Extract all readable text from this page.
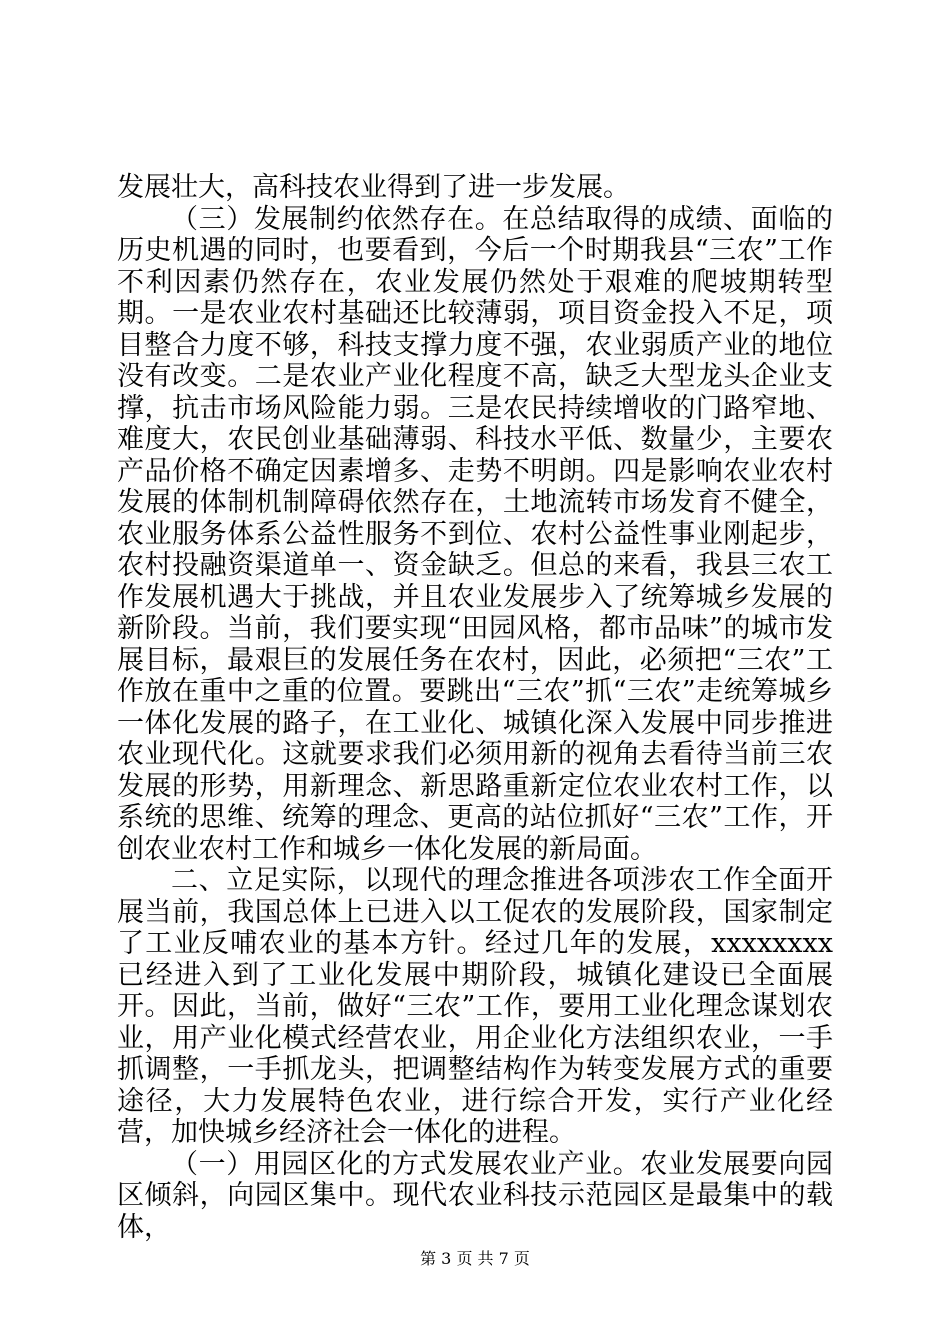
发展壮大，高科技农业得到了进一步发展。

（三）发展制约依然存在。在总结取得的成绩、面临的历史机遇的同时，也要看到，今后一个时期我县“三农”工作不利因素仍然存在，农业发展仍然处于艰难的爬坡期转型期。一是农业农村基础还比较薄弱，项目资金投入不足，项目整合力度不够，科技支撑力度不强，农业弱质产业的地位没有改变。二是农业产业化程度不高，缺乏大型龙头企业支撑，抗击市场风险能力弱。三是农民持续增收的门路窄地、难度大，农民创业基础薄弱、科技水平低、数量少，主要农产品价格不确定因素增多、走势不明朗。四是影响农业农村发展的体制机制障碍依然存在，土地流转市场发育不健全，农业服务体系公益性服务不到位、农村公益性事业刚起步，农村投融资渠道单一、资金缺乏。但总的来看，我县三农工作发展机遇大于挑战，并且农业发展步入了统筹城乡发展的新阶段。当前，我们要实现“田园风格，都市品味”的城市发展目标，最艰巨的发展任务在农村，因此，必须把“三农”工作放在重中之重的位置。要跳出“三农”抓“三农”走统筹城乡一体化发展的路子，在工业化、城镇化深入发展中同步推进农业现代化。这就要求我们必须用新的视角去看待当前三农发展的形势，用新理念、新思路重新定位农业农村工作，以系统的思维、统筹的理念、更高的站位抓好“三农”工作，开创农业农村工作和城乡一体化发展的新局面。

二、立足实际，以现代的理念推进各项涉农工作全面开展当前，我国总体上已进入以工促农的发展阶段，国家制定了工业反哺农业的基本方针。经过几年的发展，xxxxxxxx 已经进入到了工业化发展中期阶段，城镇化建设已全面展开。因此，当前，做好“三农”工作，要用工业化理念谋划农业，用产业化模式经营农业，用企业化方法组织农业，一手抓调整，一手抓龙头，把调整结构作为转变发展方式的重要途径，大力发展特色农业，进行综合开发，实行产业化经营，加快城乡经济社会一体化的进程。

（一）用园区化的方式发展农业产业。农业发展要向园区倾斜，向园区集中。现代农业科技示范园区是最集中的载体，

第 3 页 共 7 页
